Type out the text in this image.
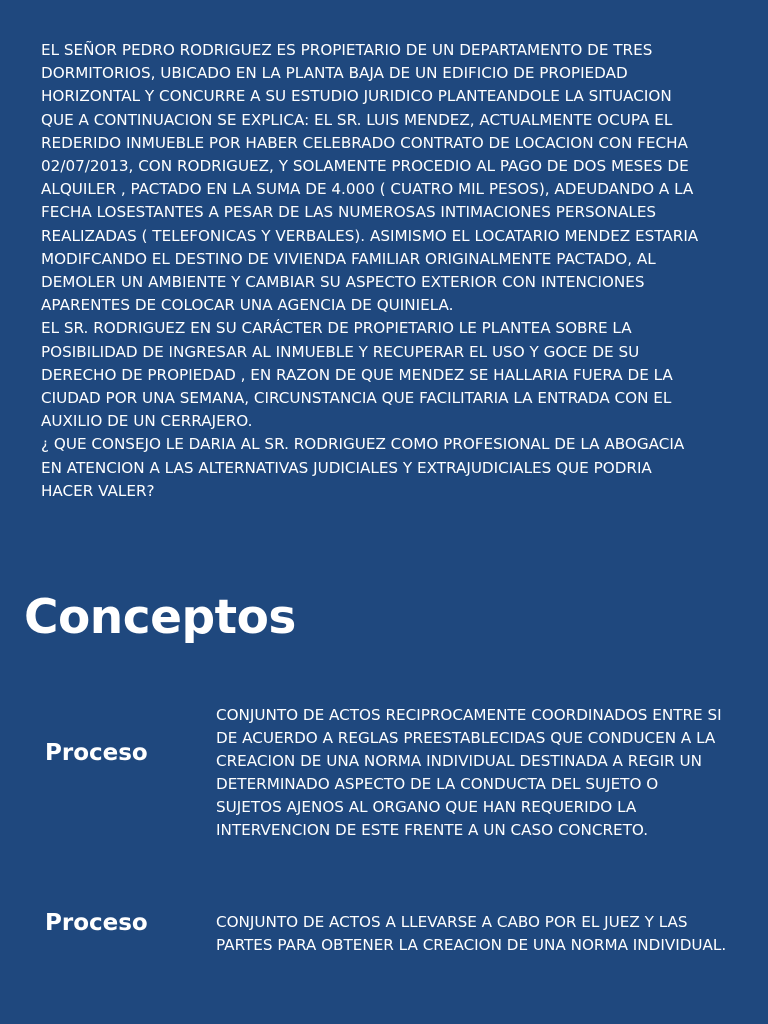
EL SEÑOR PEDRO RODRIGUEZ ES PROPIETARIO DE UN DEPARTAMENTO DE TRES
DORMITORIOS, UBICADO EN LA PLANTA BAJA DE UN EDIFICIO DE PROPIEDAD
HORIZONTAL Y CONCURRE A SU ESTUDIO JURIDICO PLANTEANDOLE LA SITUACION
QUE A CONTINUACION SE EXPLICA: EL SR. LUIS MENDEZ, ACTUALMENTE OCUPA EL
REDERIDO INMUEBLE POR HABER CELEBRADO CONTRATO DE LOCACION CON FECHA
02/07/2013, CON RODRIGUEZ, Y SOLAMENTE PROCEDIO AL PAGO DE DOS MESES DE
ALQUILER , PACTADO EN LA SUMA DE 4.000 ( CUATRO MIL PESOS), ADEUDANDO A LA
FECHA LOSESTANTES A PESAR DE LAS NUMEROSAS INTIMACIONES PERSONALES
REALIZADAS ( TELEFONICAS Y VERBALES). ASIMISMO EL LOCATARIO MENDEZ ESTARIA
MODIFCANDO EL DESTINO DE VIVIENDA FAMILIAR ORIGINALMENTE PACTADO, AL
DEMOLER UN AMBIENTE Y CAMBIAR SU ASPECTO EXTERIOR CON INTENCIONES
APARENTES DE COLOCAR UNA AGENCIA DE QUINIELA.

EL SR. RODRIGUEZ EN SU CARÁCTER DE PROPIETARIO LE PLANTEA SOBRE LA
POSIBILIDAD DE INGRESAR AL INMUEBLE Y RECUPERAR EL USO Y GOCE DE SU
DERECHO DE PROPIEDAD , EN RAZON DE QUE MENDEZ SE HALLARIA FUERA DE LA
CIUDAD POR UNA SEMANA, CIRCUNSTANCIA QUE FACILITARIA LA ENTRADA CON EL
AUXILIO DE UN CERRAJERO.

¿ QUE CONSEJO LE DARIA AL SR. RODRIGUEZ COMO PROFESIONAL DE LA ABOGACIA
EN ATENCION A LAS ALTERNATIVAS JUDICIALES Y EXTRAJUDICIALES QUE PODRIA
HACER VALER?

Conceptos
Proceso

CONJUNTO DE ACTOS RECIPROCAMENTE COORDINADOS ENTRE SI
DE ACUERDO A REGLAS PREESTABLECIDAS QUE CONDUCEN A LA
CREACION DE UNA NORMA INDIVIDUAL DESTINADA A REGIR UN
DETERMINADO ASPECTO DE LA CONDUCTA DEL SUJETO O
SUJETOS AJENOS AL ORGANO QUE HAN REQUERIDO LA
INTERVENCION DE ESTE FRENTE A UN CASO CONCRETO.

Proceso	CONJUNTO DE ACTOS A LLEVARSE A CABO POR EL JUEZ Y LAS
PARTES PARA OBTENER LA CREACION DE UNA NORMA INDIVIDUAL.
